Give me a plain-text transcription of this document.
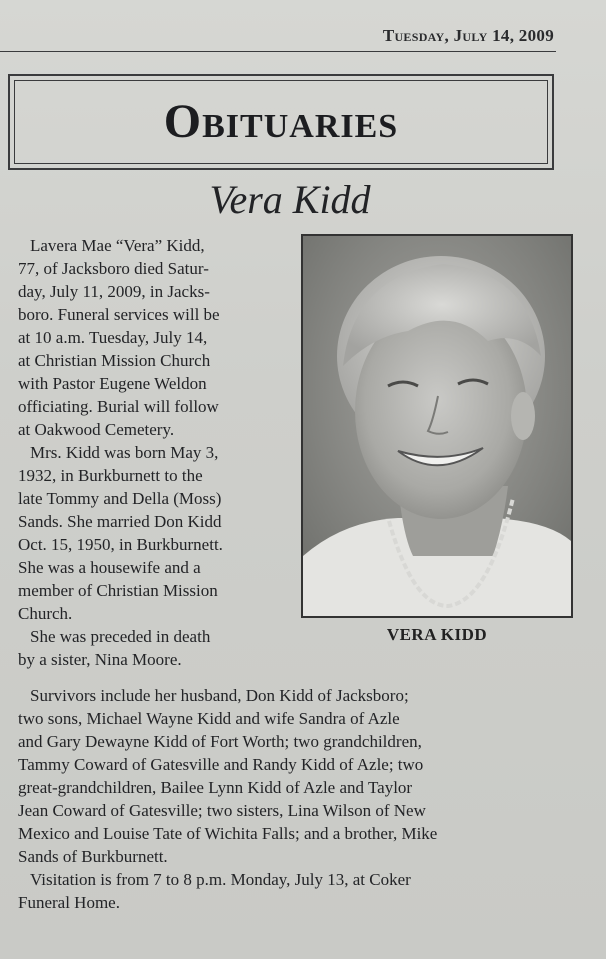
Tuesday, July 14, 2009
Obituaries
Vera Kidd
Lavera Mae “Vera” Kidd,
77, of Jacksboro died Satur-
day, July 11, 2009, in Jacks-
boro. Funeral services will be
at 10 a.m. Tuesday, July 14,
at Christian Mission Church
with Pastor Eugene Weldon
officiating. Burial will follow
at Oakwood Cemetery.
Mrs. Kidd was born May 3,
1932, in Burkburnett to the
late Tommy and Della (Moss)
Sands. She married Don Kidd
Oct. 15, 1950, in Burkburnett.
She was a housewife and a
member of Christian Mission
Church.
She was preceded in death
by a sister, Nina Moore.
VERA KIDD
Survivors include her husband, Don Kidd of Jacksboro;
two sons, Michael Wayne Kidd and wife Sandra of Azle
and Gary Dewayne Kidd of Fort Worth; two grandchildren,
Tammy Coward of Gatesville and Randy Kidd of Azle; two
great-grandchildren, Bailee Lynn Kidd of Azle and Taylor
Jean Coward of Gatesville; two sisters, Lina Wilson of New
Mexico and Louise Tate of Wichita Falls; and a brother, Mike
Sands of Burkburnett.
Visitation is from 7 to 8 p.m. Monday, July 13, at Coker
Funeral Home.
